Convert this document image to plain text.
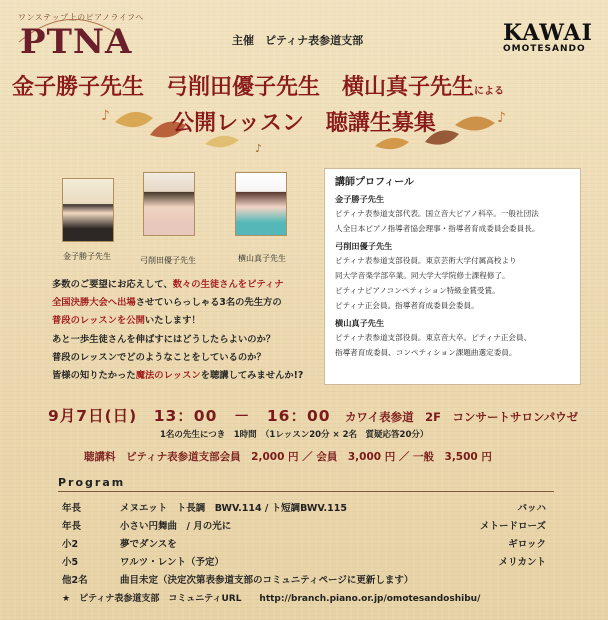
ワンステップ上のピアノライフへ
PTNA	主催　ピティナ表参道支部	KAWAI
OMOTESANDO
金子勝子先生　弓削田優子先生　横山真子先生による
♪	♪
♪
公開レッスン　聴講生募集
金子勝子先生	弓削田優子先生	横山真子先生
講師プロフィール
金子勝子先生
ピティナ表参道支部代表。国立音大ピアノ科卒。一般社団法
人全日本ピアノ指導者協会理事・指導者育成委員会委員長。
弓削田優子先生
ピティナ表参道支部役員。東京芸術大学付属高校より
同大学音楽学部卒業。同大学大学院修士課程修了。
ピティナピアノコンペティション特級金賞受賞。
ピティナ正会員。指導者育成委員会委員。
横山真子先生
ピティナ表参道支部役員。東京音大卒。ピティナ正会員、
指導者育成委員、コンペティション課題曲選定委員。
多数のご要望にお応えして、数々の生徒さんをピティナ
全国決勝大会へ出場させていらっしゃる3名の先生方の
普段のレッスンを公開いたします！
あと一歩生徒さんを伸ばすにはどうしたらよいのか？
普段のレッスンでどのようなことをしているのか？
皆様の知りたかった魔法のレッスンを聴講してみませんか!?
9月7日(日)　13：00　－　16：00 カワイ表参道　2F　コンサートサロンパウゼ
1名の先生につき　1時間　（1レッスン20分 × 2名　質疑応答20分）
聴講料　ピティナ表参道支部会員　2,000 円 ／ 会員　3,000 円 ／ 一般　3,500 円
Program
年長	メヌエット　ト長調　BWV.114 / ト短調BWV.115	バッハ
年長	小さい円舞曲　/ 月の光に	メトードローズ
小2	夢でダンスを	ギロック
小5	ワルツ・レント（予定）	メリカント
他2名	曲目未定（決定次第表参道支部のコミュニティページに更新します）
★　ピティナ表参道支部　コミュニティURL　　http://branch.piano.or.jp/omotesandoshibu/
